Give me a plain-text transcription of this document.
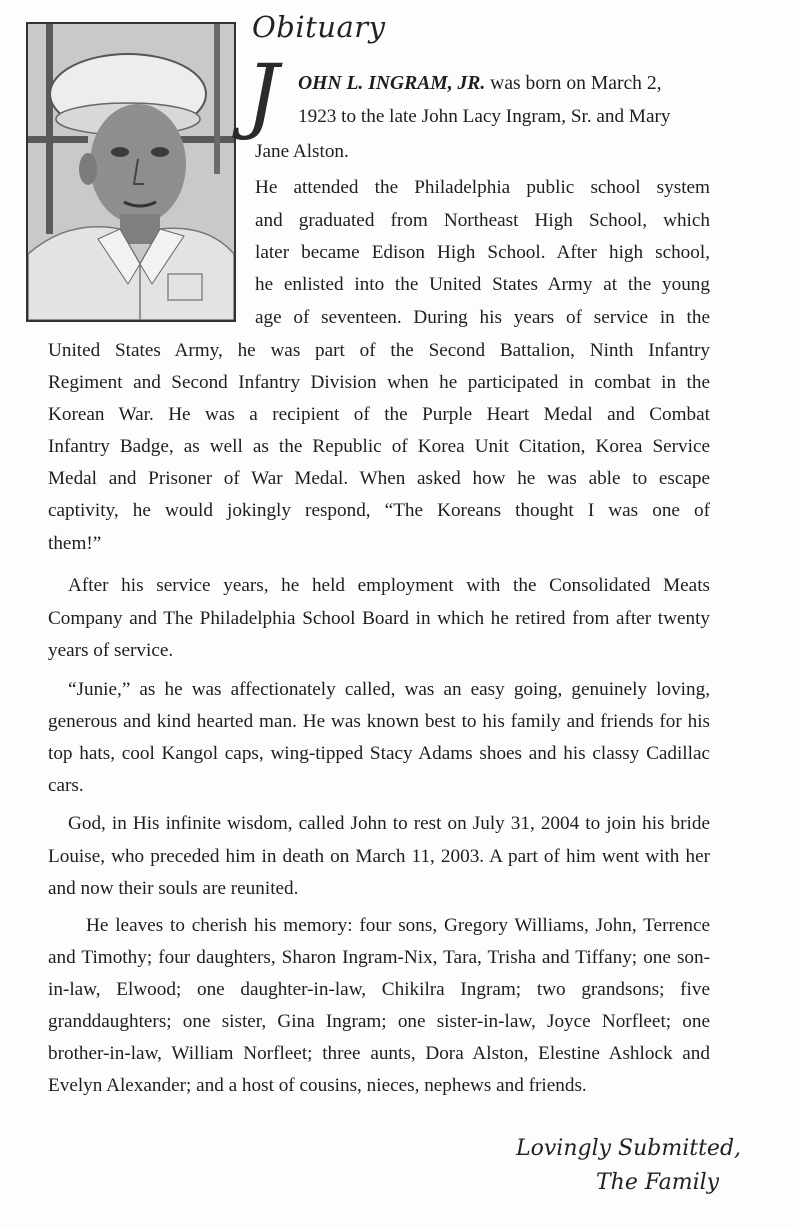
Obituary
J OHN L. INGRAM, JR. was born on March 2,
1923 to the late John Lacy Ingram, Sr. and Mary
Jane Alston.
He attended the Philadelphia public school system
and graduated from Northeast High School, which
later became Edison High School. After high school,
he enlisted into the United States Army at the young
age of seventeen. During his years of service in the
United States Army, he was part of the Second Battalion, Ninth Infantry
Regiment and Second Infantry Division when he participated in combat in the
Korean War. He was a recipient of the Purple Heart Medal and Combat
Infantry Badge, as well as the Republic of Korea Unit Citation, Korea Service
Medal and Prisoner of War Medal. When asked how he was able to escape
captivity, he would jokingly respond, “The Koreans thought I was one of
them!”

After his service years, he held employment with the Consolidated Meats Company and The Philadelphia School Board in which he retired from after twenty years of service.

“Junie,” as he was affectionately called, was an easy going, genuinely loving, generous and kind hearted man. He was known best to his family and friends for his top hats, cool Kangol caps, wing-tipped Stacy Adams shoes and his classy Cadillac cars.

God, in His infinite wisdom, called John to rest on July 31, 2004 to join his bride Louise, who preceded him in death on March 11, 2003. A part of him went with her and now their souls are reunited.

He leaves to cherish his memory: four sons, Gregory Williams, John, Terrence and Timothy; four daughters, Sharon Ingram-Nix, Tara, Trisha and Tiffany; one son-in-law, Elwood; one daughter-in-law, Chikilra Ingram; two grandsons; five granddaughters; one sister, Gina Ingram; one sister-in-law, Joyce Norfleet; one brother-in-law, William Norfleet; three aunts, Dora Alston, Elestine Ashlock and Evelyn Alexander; and a host of cousins, nieces, nephews and friends.

Lovingly Submitted,
The Family
